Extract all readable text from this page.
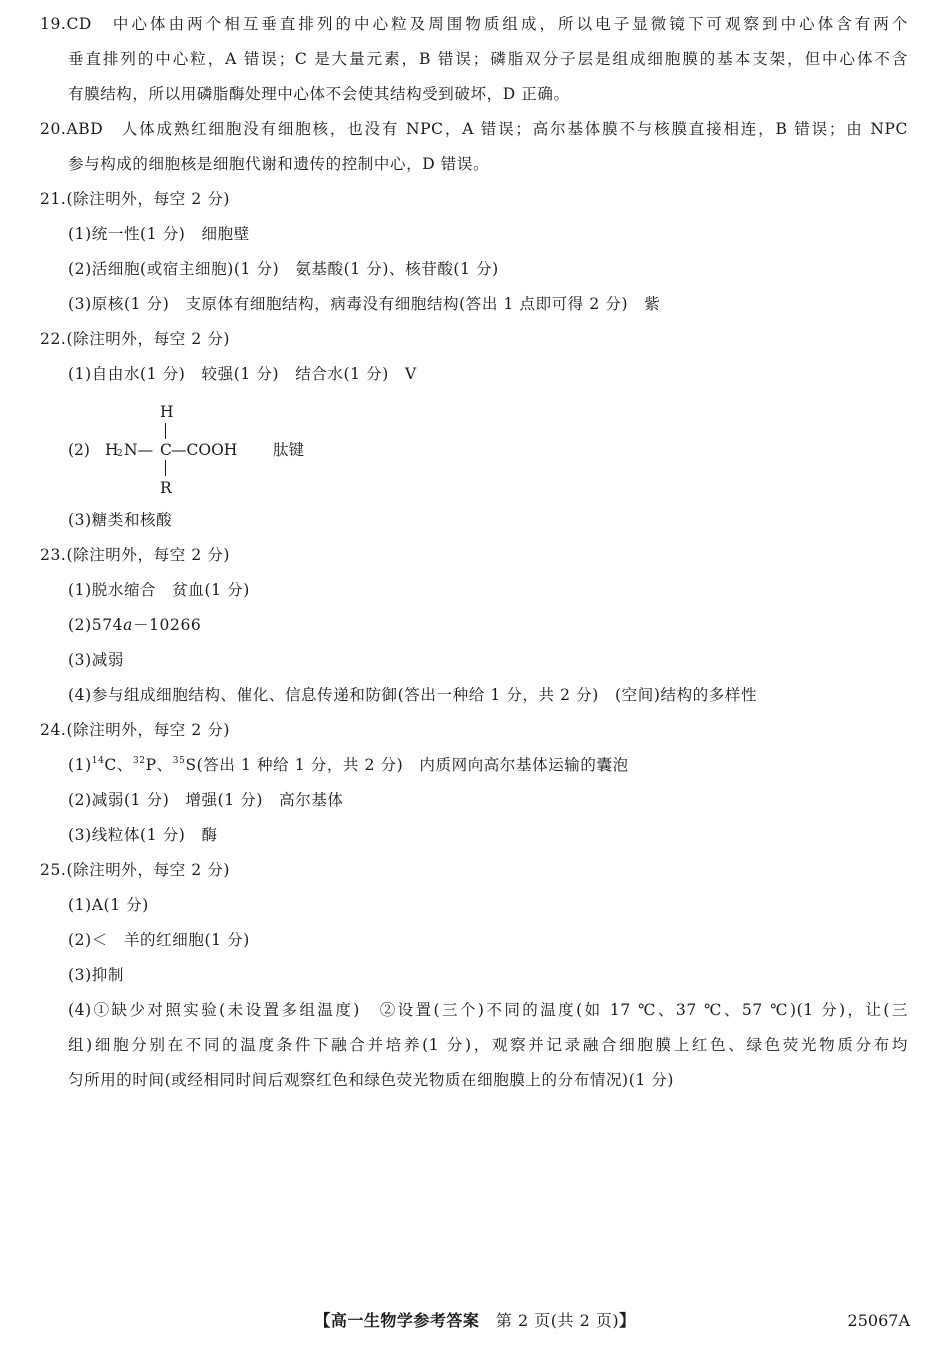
19.CD　中心体由两个相互垂直排列的中心粒及周围物质组成，所以电子显微镜下可观察到中心体含有两个
垂直排列的中心粒，A 错误；C 是大量元素，B 错误；磷脂双分子层是组成细胞膜的基本支架，但中心体不含
有膜结构，所以用磷脂酶处理中心体不会使其结构受到破坏，D 正确。
20.ABD　人体成熟红细胞没有细胞核，也没有 NPC，A 错误；高尔基体膜不与核膜直接相连，B 错误；由 NPC
参与构成的细胞核是细胞代谢和遗传的控制中心，D 错误。
21.(除注明外，每空 2 分)
(1)统一性(1 分)　细胞壁
(2)活细胞(或宿主细胞)(1 分)　氨基酸(1 分)、核苷酸(1 分)
(3)原核(1 分)　支原体有细胞结构，病毒没有细胞结构(答出 1 点即可得 2 分)　紫
22.(除注明外，每空 2 分)
(1)自由水(1 分)　较强(1 分)　结合水(1 分)　Ⅴ
H
(2) H
2 N— C —COOH 肽键
R
(3)糖类和核酸
23.(除注明外，每空 2 分)
(1)脱水缩合　贫血(1 分)
(2)574a－10266
(3)减弱
(4)参与组成细胞结构、催化、信息传递和防御(答出一种给 1 分，共 2 分)　(空间)结构的多样性
24.(除注明外，每空 2 分)
$(1)^{14}C$、$^{32}$P、$^{35}$S(答出 1 种给 1 分，共 2 分)　内质网向高尔基体运输的囊泡
(2)减弱(1 分)　增强(1 分)　高尔基体
(3)线粒体(1 分)　酶
25.(除注明外，每空 2 分)
(1)A(1 分)
(2)＜　羊的红细胞(1 分)
(3)抑制
(4)①缺少对照实验(未设置多组温度)　②设置(三个)不同的温度(如 17 ℃、37 ℃、57 ℃)(1 分)，让(三
组)细胞分别在不同的温度条件下融合并培养(1 分)，观察并记录融合细胞膜上红色、绿色荧光物质分布均
匀所用的时间(或经相同时间后观察红色和绿色荧光物质在细胞膜上的分布情况)(1 分)
【高一生物学参考答案　第 2 页(共 2 页)】	25067A
